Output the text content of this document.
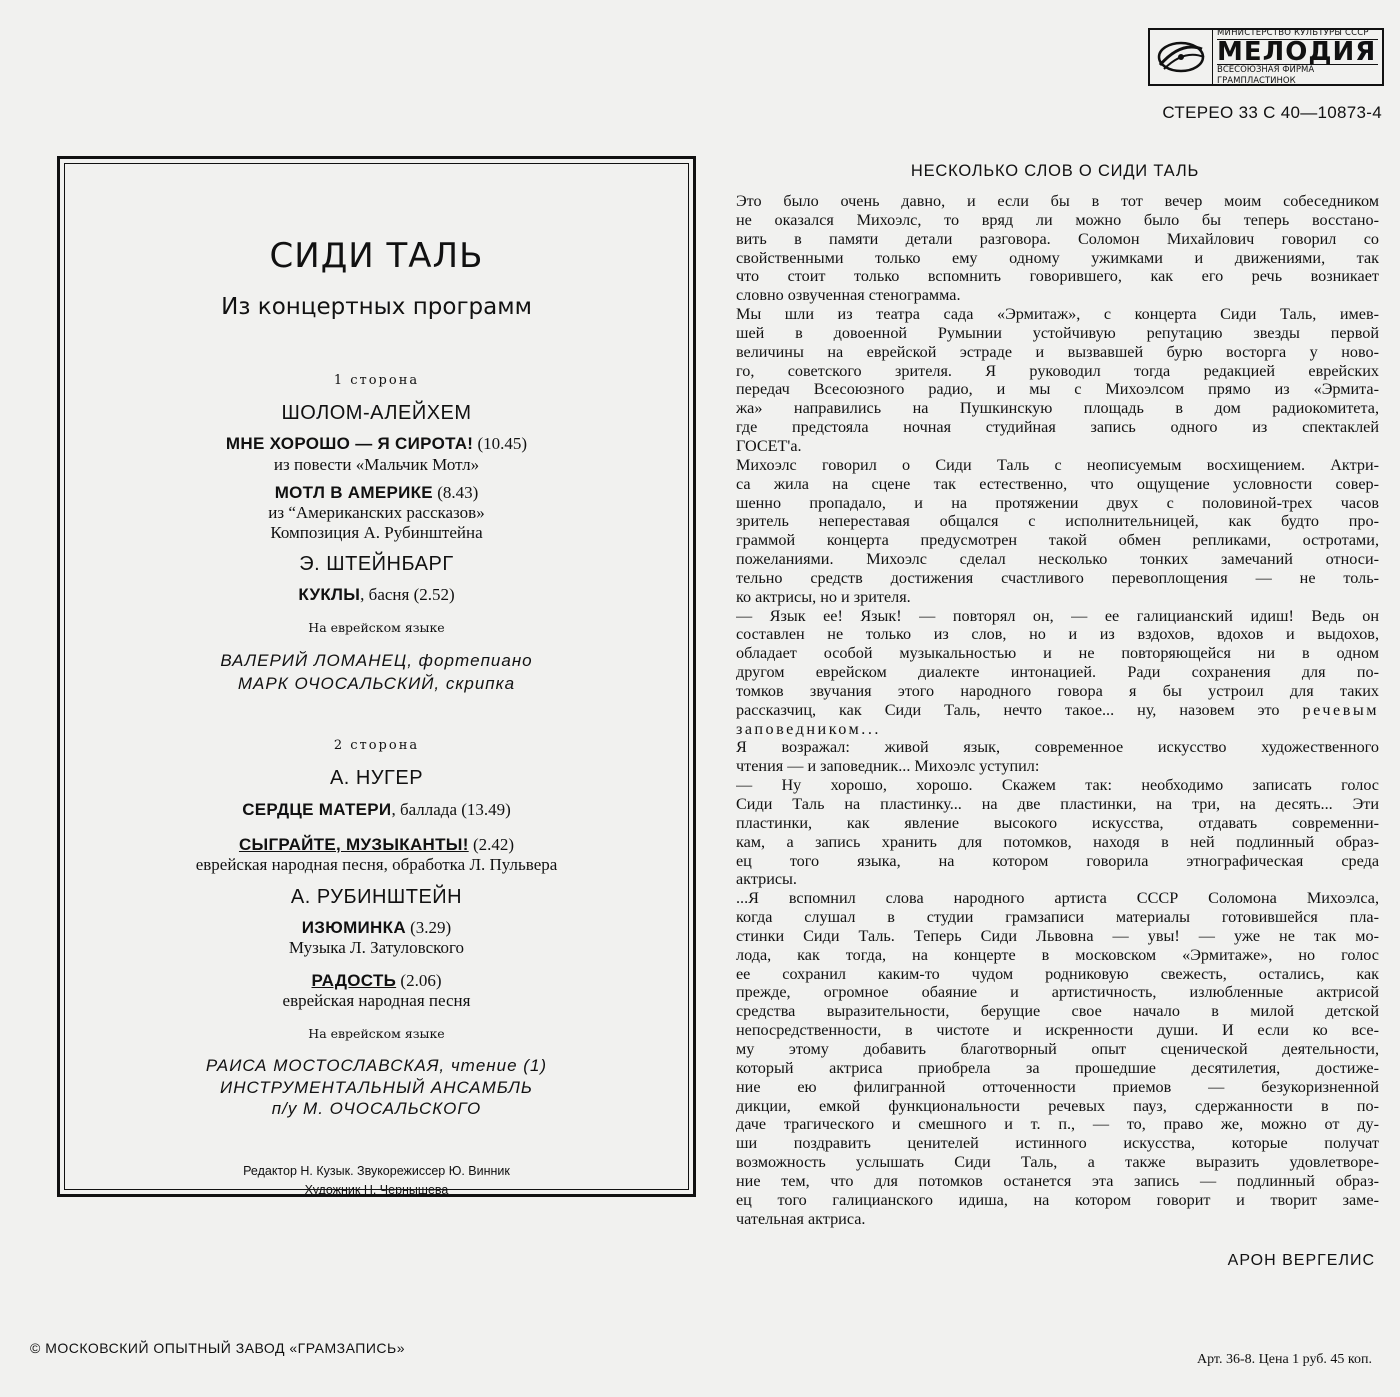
МИНИСТЕРСТВО КУЛЬТУРЫ СССР
МЕЛОДИЯ
ВСЕСОЮЗНАЯ ФИРМА ГРАМПЛАСТИНОК
СТЕРЕО 33 С 40—10873-4
СИДИ ТАЛЬ
Из концертных программ
1 сторона
ШОЛОМ-АЛЕЙХЕМ
МНЕ ХОРОШО — Я СИРОТА! (10.45)
из повести «Мальчик Мотл»
МОТЛ В АМЕРИКЕ (8.43)
из “Американских рассказов»
Композиция А. Рубинштейна
Э. ШТЕЙНБАРГ
КУКЛЫ, басня (2.52)
На еврейском языке
ВАЛЕРИЙ ЛОМАНЕЦ, фортепиано
МАРК ОЧОСАЛЬСКИЙ, скрипка
2 сторона
А. НУГЕР
СЕРДЦЕ МАТЕРИ, баллада (13.49)
СЫГРАЙТЕ, МУЗЫКАНТЫ! (2.42)
еврейская народная песня, обработка Л. Пульвера
А. РУБИНШТЕЙН
ИЗЮМИНКА (3.29)
Музыка Л. Затуловского
РАДОСТЬ (2.06)
еврейская народная песня
На еврейском языке
РАИСА МОСТОСЛАВСКАЯ, чтение (1)
ИНСТРУМЕНТАЛЬНЫЙ АНСАМБЛЬ
п/у М. ОЧОСАЛЬСКОГО
Редактор Н. Кузык. Звукорежиссер Ю. Винник
Художник Н. Чернышева
НЕСКОЛЬКО СЛОВ О СИДИ ТАЛЬ
Это было очень давно, и если бы в тот вечер моим собеседником
не оказался Михоэлс, то вряд ли можно было бы теперь восстано-
вить в памяти детали разговора. Соломон Михайлович говорил со
свойственными только ему одному ужимками и движениями, так
что стоит только вспомнить говорившего, как его речь возникает
словно озвученная стенограмма.
Мы шли из театра сада «Эрмитаж», с концерта Сиди Таль, имев-
шей в довоенной Румынии устойчивую репутацию звезды первой
величины на еврейской эстраде и вызвавшей бурю восторга у ново-
го, советского зрителя. Я руководил тогда редакцией еврейских
передач Всесоюзного радио, и мы с Михоэлсом прямо из «Эрмита-
жа» направились на Пушкинскую площадь в дом радиокомитета,
где предстояла ночная студийная запись одного из спектаклей
ГОСЕТ'а.
Михоэлс говорил о Сиди Таль с неописуемым восхищением. Актри-
са жила на сцене так естественно, что ощущение условности совер-
шенно пропадало, и на протяжении двух с половиной-трех часов
зритель непереставая общался с исполнительницей, как будто про-
граммой концерта предусмотрен такой обмен репликами, остротами,
пожеланиями. Михоэлс сделал несколько тонких замечаний относи-
тельно средств достижения счастливого перевоплощения — не толь-
ко актрисы, но и зрителя.
— Язык ее! Язык! — повторял он, — ее галицианский идиш! Ведь он
составлен не только из слов, но и из вздохов, вдохов и выдохов,
обладает особой музыкальностью и не повторяющейся ни в одном
другом еврейском диалекте интонацией. Ради сохранения для по-
томков звучания этого народного говора я бы устроил для таких
рассказчиц, как Сиди Таль, нечто такое... ну, назовем это речевым
заповедником...
Я возражал: живой язык, современное искусство художественного
чтения — и заповедник... Михоэлс уступил:
— Ну хорошо, хорошо. Скажем так: необходимо записать голос
Сиди Таль на пластинку... на две пластинки, на три, на десять... Эти
пластинки, как явление высокого искусства, отдавать современни-
кам, а запись хранить для потомков, находя в ней подлинный образ-
ец того языка, на котором говорила этнографическая среда
актрисы.
...Я вспомнил слова народного артиста СССР Соломона Михоэлса,
когда слушал в студии грамзаписи материалы готовившейся пла-
стинки Сиди Таль. Теперь Сиди Львовна — увы! — уже не так мо-
лода, как тогда, на концерте в московском «Эрмитаже», но голос
ее сохранил каким-то чудом родниковую свежесть, остались, как
прежде, огромное обаяние и артистичность, излюбленные актрисой
средства выразительности, берущие свое начало в милой детской
непосредственности, в чистоте и искренности души. И если ко все-
му этому добавить благотворный опыт сценической деятельности,
который актриса приобрела за прошедшие десятилетия, достиже-
ние ею филигранной отточенности приемов — безукоризненной
дикции, емкой функциональности речевых пауз, сдержанности в по-
даче трагического и смешного и т. п., — то, право же, можно от ду-
ши поздравить ценителей истинного искусства, которые получат
возможность услышать Сиди Таль, а также выразить удовлетворе-
ние тем, что для потомков останется эта запись — подлинный образ-
ец того галицианского идиша, на котором говорит и творит заме-
чательная актриса.
АРОН ВЕРГЕЛИС
© МОСКОВСКИЙ ОПЫТНЫЙ ЗАВОД «ГРАМЗАПИСЬ»
Арт. 36-8. Цена 1 руб. 45 коп.
